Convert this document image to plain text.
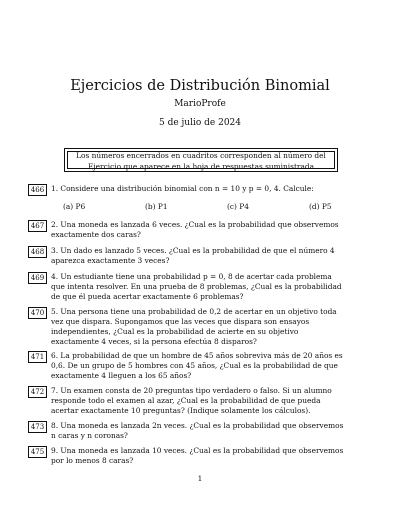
Ejercicios de Distribución Binomial
MarioProfe
5 de julio de 2024
Los números encerrados en cuadritos corresponden al número del Ejercicio que aparece en la hoja de respuestas suministrada
466 1. Considere una distribución binomial con n = 10 y p = 0, 4. Calcule:
(a) P6	(b) P1	(c) P4	(d) P5
467 2. Una moneda es lanzada 6 veces. ¿Cual es la probabilidad que observemos exactamente dos caras?
468 3. Un dado es lanzado 5 veces. ¿Cual es la probabilidad de que el número 4 aparezca exactamente 3 veces?
469 4. Un estudiante tiene una probabilidad p = 0, 8 de acertar cada problema que intenta resolver. En una prueba de 8 problemas, ¿Cual es la probabilidad de que él pueda acertar exactamente 6 problemas?
470 5. Una persona tiene una probabilidad de 0,2 de acertar en un objetivo toda vez que dispara. Supongamos que las veces que dispara son ensayos independientes, ¿Cual es la probabilidad de acierte en su objetivo exactamente 4 veces, si la persona efectúa 8 disparos?
471 6. La probabilidad de que un hombre de 45 años sobreviva más de 20 años es 0,6. De un grupo de 5 hombres con 45 años, ¿Cual es la probabilidad de que exactamente 4 lleguen a los 65 años?
472 7. Un examen consta de 20 preguntas tipo verdadero o falso. Si un alumno responde todo el examen al azar, ¿Cual es la probabilidad de que pueda acertar exactamente 10 preguntas? (Indique solamente los cálculos).
473 8. Una moneda es lanzada 2n veces. ¿Cual es la probabilidad que observemos n caras y n coronas?
475 9. Una moneda es lanzada 10 veces. ¿Cual es la probabilidad que observemos por lo menos 8 caras?
1
